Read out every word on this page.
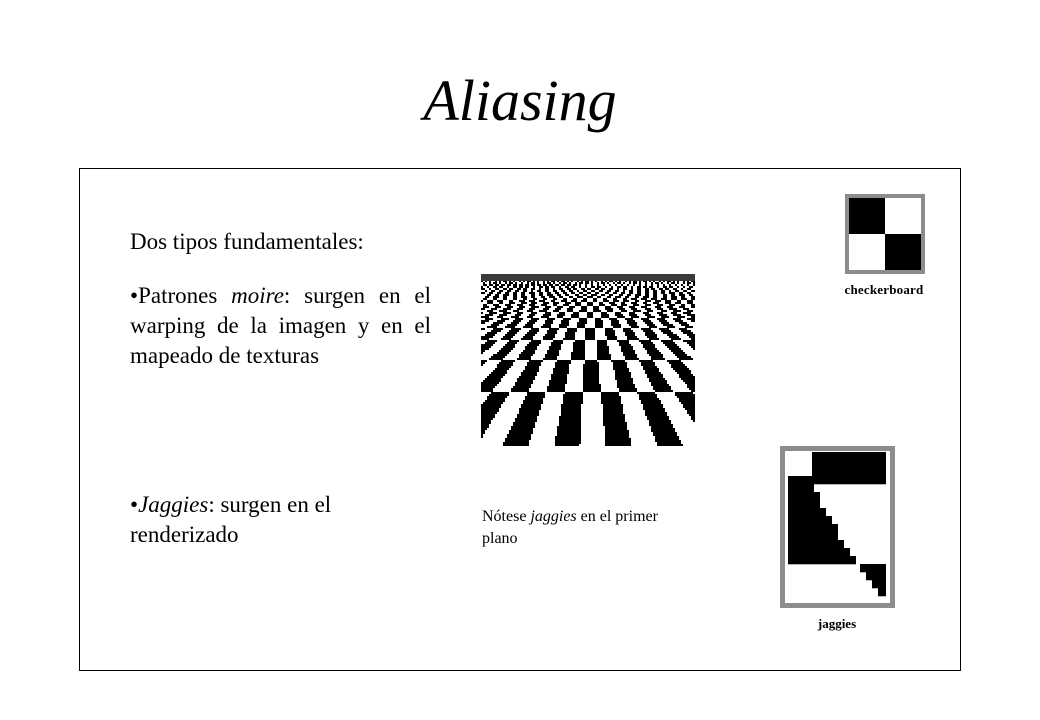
Aliasing
Dos tipos fundamentales:
•Patrones moire: surgen en el warping de la imagen y en el mapeado de texturas
•Jaggies: surgen en el renderizado
Nótese jaggies en el primer plano
checkerboard
jaggies
